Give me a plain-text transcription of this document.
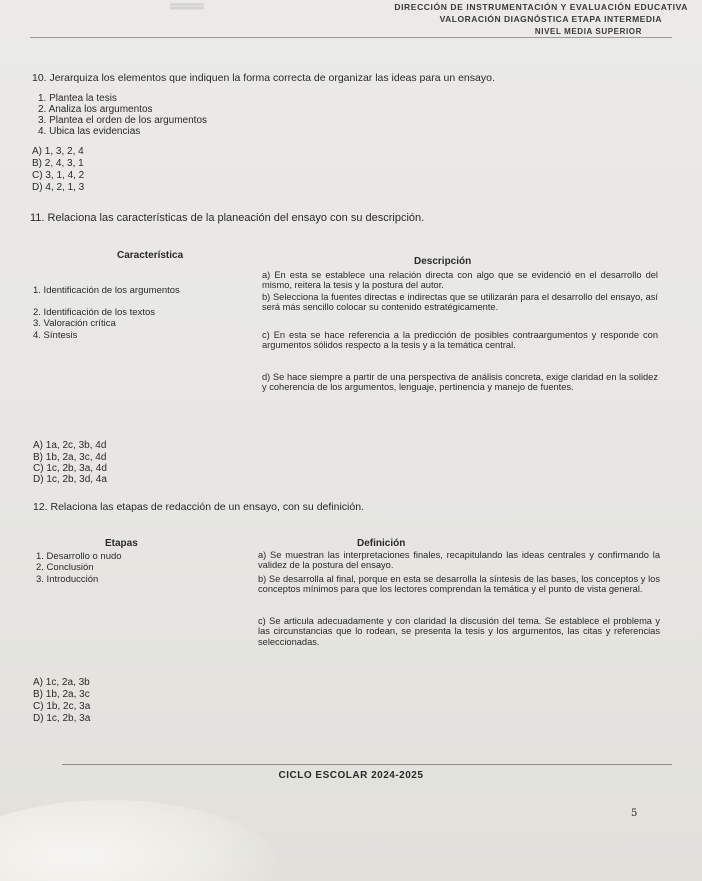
▒▒▒▒▒▒▒▒	DIRECCIÓN DE INSTRUMENTACIÓN Y EVALUACIÓN EDUCATIVA
VALORACIÓN DIAGNÓSTICA ETAPA INTERMEDIA
NIVEL MEDIA SUPERIOR
10. Jerarquiza los elementos que indiquen la forma correcta de organizar las ideas para un ensayo.
1. Plantea la tesis
2. Analiza los argumentos
3. Plantea el orden de los argumentos
4. Ubica las evidencias
A) 1, 3, 2, 4
B) 2, 4, 3, 1
C) 3, 1, 4, 2
D) 4, 2, 1, 3
11. Relaciona las características de la planeación del ensayo con su descripción.
Característica
Descripción
1. Identificación de los argumentos
2. Identificación de los textos
3. Valoración crítica
4. Síntesis
a) En esta se establece una relación directa con algo que se evidenció en el desarrollo del mismo, reitera la tesis y la postura del autor.
b) Selecciona la fuentes directas e indirectas que se utilizarán para el desarrollo del ensayo, así será más sencillo colocar su contenido estratégicamente.
c) En esta se hace referencia a la predicción de posibles contraargumentos y responde con argumentos sólidos respecto a la tesis y a la temática central.
d) Se hace siempre a partir de una perspectiva de análisis concreta, exige claridad en la solidez y coherencia de los argumentos, lenguaje, pertinencia y manejo de fuentes.
A) 1a, 2c, 3b, 4d
B) 1b, 2a, 3c, 4d
C) 1c, 2b, 3a, 4d
D) 1c, 2b, 3d, 4a
12. Relaciona las etapas de redacción de un ensayo, con su definición.
Etapas	Definición
1. Desarrollo o nudo
2. Conclusión
3. Introducción
a) Se muestran las interpretaciones finales, recapitulando las ideas centrales y confirmando la validez de la postura del ensayo.
b) Se desarrolla al final, porque en esta se desarrolla la síntesis de las bases, los conceptos y los conceptos mínimos para que los lectores comprendan la temática y el punto de vista general.
c) Se articula adecuadamente y con claridad la discusión del tema. Se establece el problema y las circunstancias que lo rodean, se presenta la tesis y los argumentos, las citas y referencias seleccionadas.
A) 1c, 2a, 3b
B) 1b, 2a, 3c
C) 1b, 2c, 3a
D) 1c, 2b, 3a
CICLO ESCOLAR 2024-2025
5
